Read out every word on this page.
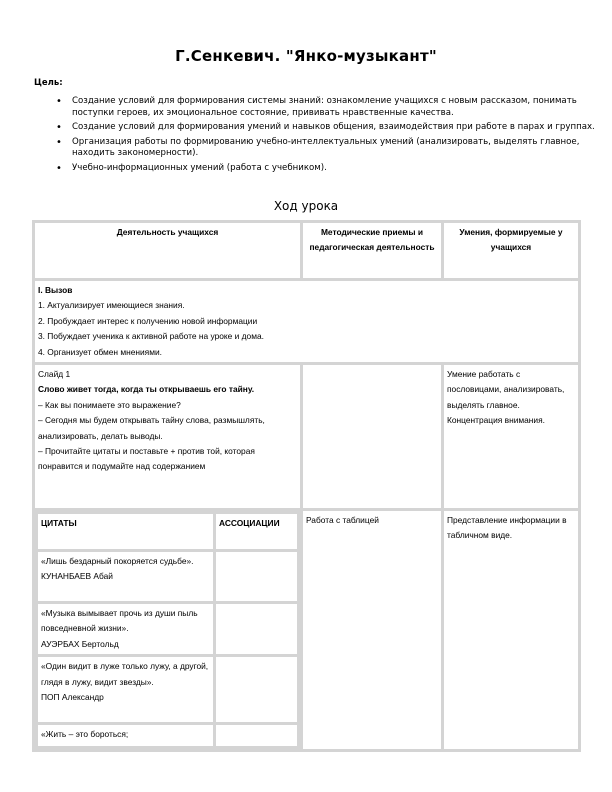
Г.Сенкевич. "Янко-музыкант"
Цель:
• Создание условий для формирования системы знаний: ознакомление учащихся с новым рассказом, понимать поступки героев, их эмоциональное состояние, прививать нравственные качества.
• Создание условий для формирования умений и навыков общения, взаимодействия при работе в парах и группах.
• Организация работы по формированию учебно-интеллектуальных умений (анализировать, выделять главное, находить закономерности).
• Учебно-информационных умений (работа с учебником).
Ход урока
Деятельность учащихся	Методические приемы и педагогическая деятельность	Умения, формируемые у учащихся

I. Вызов
1. Актуализирует имеющиеся знания.
2. Пробуждает интерес к получению новой информации
3. Побуждает ученика к активной работе на уроке и дома.
4. Организует обмен мнениями.

Слайд 1
Слово живет тогда, когда ты открываешь его тайну.
– Как вы понимаете это выражение?
– Сегодня мы будем открывать тайну слова, размышлять, анализировать, делать выводы.
– Прочитайте цитаты и поставьте + против той, которая понравится и подумайте над содержанием
		Умение работать с пословицами, анализировать, выделять главное. Концентрация внимания.

ЦИТАТЫ	АССОЦИАЦИИ

«Лишь бездарный покоряется судьбе».
КУНАНБАЕВ Абай

«Музыка вымывает прочь из души пыль повседневной жизни».
АУЭРБАХ Бертольд

«Один видит в луже только лужу, а другой, глядя в лужу, видит звезды».
ПОП Александр

«Жить – это бороться;

	Работа с таблицей	Представление информации в табличном виде.
